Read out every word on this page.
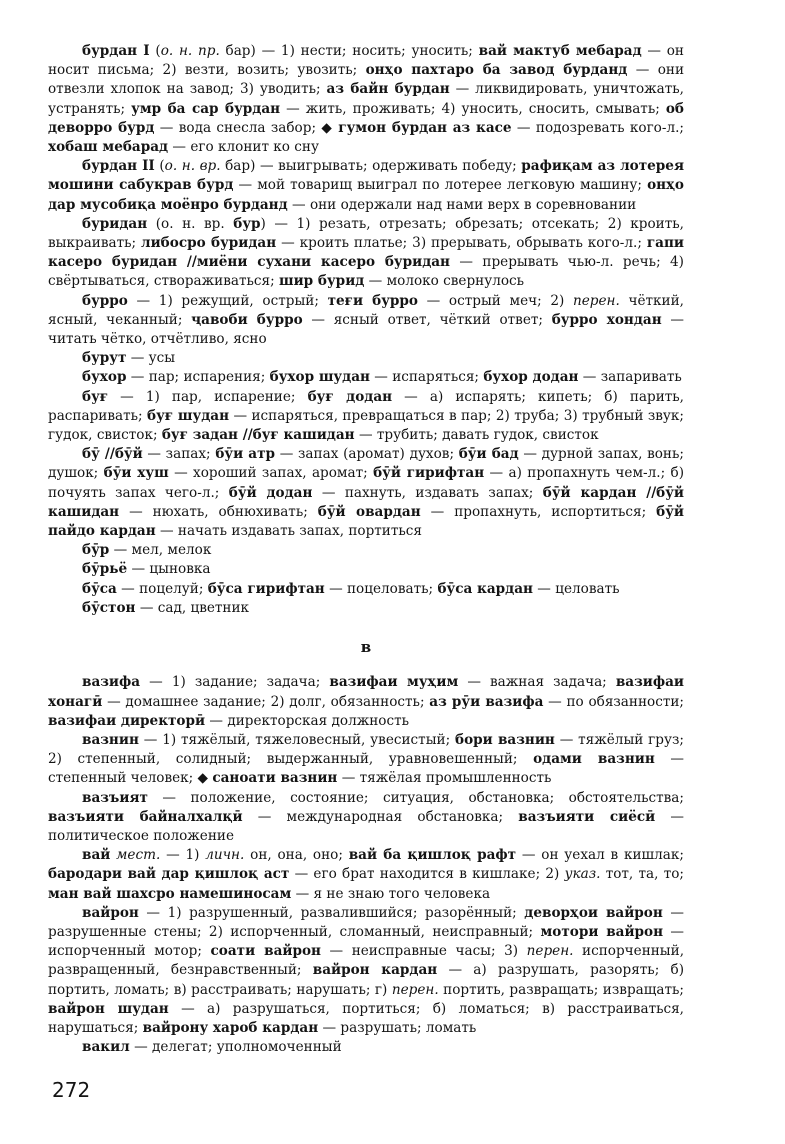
бурдан I (о. н. пр. бар) — 1) нести; носить; уносить; вай мактуб мебарад — он носит письма; 2) везти, возить; увозить; онҳо пахтаро ба завод бурданд — они отвезли хлопок на завод; 3) уводить; аз байн бурдан — ликвидировать, уничтожать, устранять; умр ба сар бурдан — жить, проживать; 4) уносить, сносить, смывать; об деворро бурд — вода снесла забор; ◆ гумон бурдан аз касе — подозревать кого-л.; хобаш мебарад — его клонит ко сну

бурдан II (о. н. вр. бар) — выигрывать; одерживать победу; рафиқам аз лотерея мошини сабукрав бурд — мой товарищ выиграл по лотерее легковую машину; онҳо дар мусобиқа моёнро бурданд — они одержали над нами верх в соревновании

буридан (о. н. вр. бур) — 1) резать, отрезать; обрезать; отсекать; 2) кроить, выкраивать; либосро буридан — кроить платье; 3) прерывать, обрывать кого-л.; гапи касеро буридан //миёни сухани касеро буридан — прерывать чью-л. речь; 4) свёртываться, створаживаться; шир бурид — молоко свернулось

бурро — 1) режущий, острый; теғи бурро — острый меч; 2) перен. чёткий, ясный, чеканный; ҷавоби бурро — ясный ответ, чёткий ответ; бурро хондан — читать чётко, отчётливо, ясно

бурут — усы

бухор — пар; испарения; бухор шудан — испаряться; бухор додан — запаривать

буғ — 1) пар, испарение; буғ додан — а) испарять; кипеть; б) парить, распаривать; буғ шудан — испаряться, превращаться в пар; 2) труба; 3) трубный звук; гудок, свисток; буғ задан //буғ кашидан — трубить; давать гудок, свисток

бӯ //бӯй — запах; бӯи атр — запах (аромат) духов; бӯи бад — дурной запах, вонь; душок; бӯи хуш — хороший запах, аромат; бӯй гирифтан — а) пропахнуть чем-л.; б) почуять запах чего-л.; бӯй додан — пахнуть, издавать запах; бӯй кардан //бӯй кашидан — нюхать, обнюхивать; бӯй овардан — пропахнуть, испортиться; бӯй пайдо кардан — начать издавать запах, портиться

бӯр — мел, мелок

бӯрьё — цыновка

бӯса — поцелуй; бӯса гирифтан — поцеловать; бӯса кардан — целовать

бӯстон — сад, цветник

в

вазифа — 1) задание; задача; вазифаи муҳим — важная задача; вазифаи хонагӣ — домашнее задание; 2) долг, обязанность; аз рӯи вазифа — по обязанности; вазифаи директорӣ — директорская должность

вазнин — 1) тяжёлый, тяжеловесный, увесистый; бори вазнин — тяжёлый груз; 2) степенный, солидный; выдержанный, уравновешенный; одами вазнин — степенный человек; ◆ саноати вазнин — тяжёлая промышленность

вазъият — положение, состояние; ситуация, обстановка; обстоятельства; вазъияти байналхалқӣ — международная обстановка; вазъияти сиёсӣ — политическое положение

вай мест. — 1) личн. он, она, оно; вай ба қишлоқ рафт — он уехал в кишлак; бародари вай дар қишлоқ аст — его брат находится в кишлаке; 2) указ. тот, та, то; ман вай шахсро намешиносам — я не знаю того человека

вайрон — 1) разрушенный, развалившийся; разорённый; деворҳои вайрон — разрушенные стены; 2) испорченный, сломанный, неисправный; мотори вайрон — испорченный мотор; соати вайрон — неисправные часы; 3) перен. испорченный, развращенный, безнравственный; вайрон кардан — а) разрушать, разорять; б) портить, ломать; в) расстраивать; нарушать; г) перен. портить, развращать; извращать; вайрон шудан — а) разрушаться, портиться; б) ломаться; в) расстраиваться, нарушаться; вайрону хароб кардан — разрушать; ломать

вакил — делегат; уполномоченный

272
